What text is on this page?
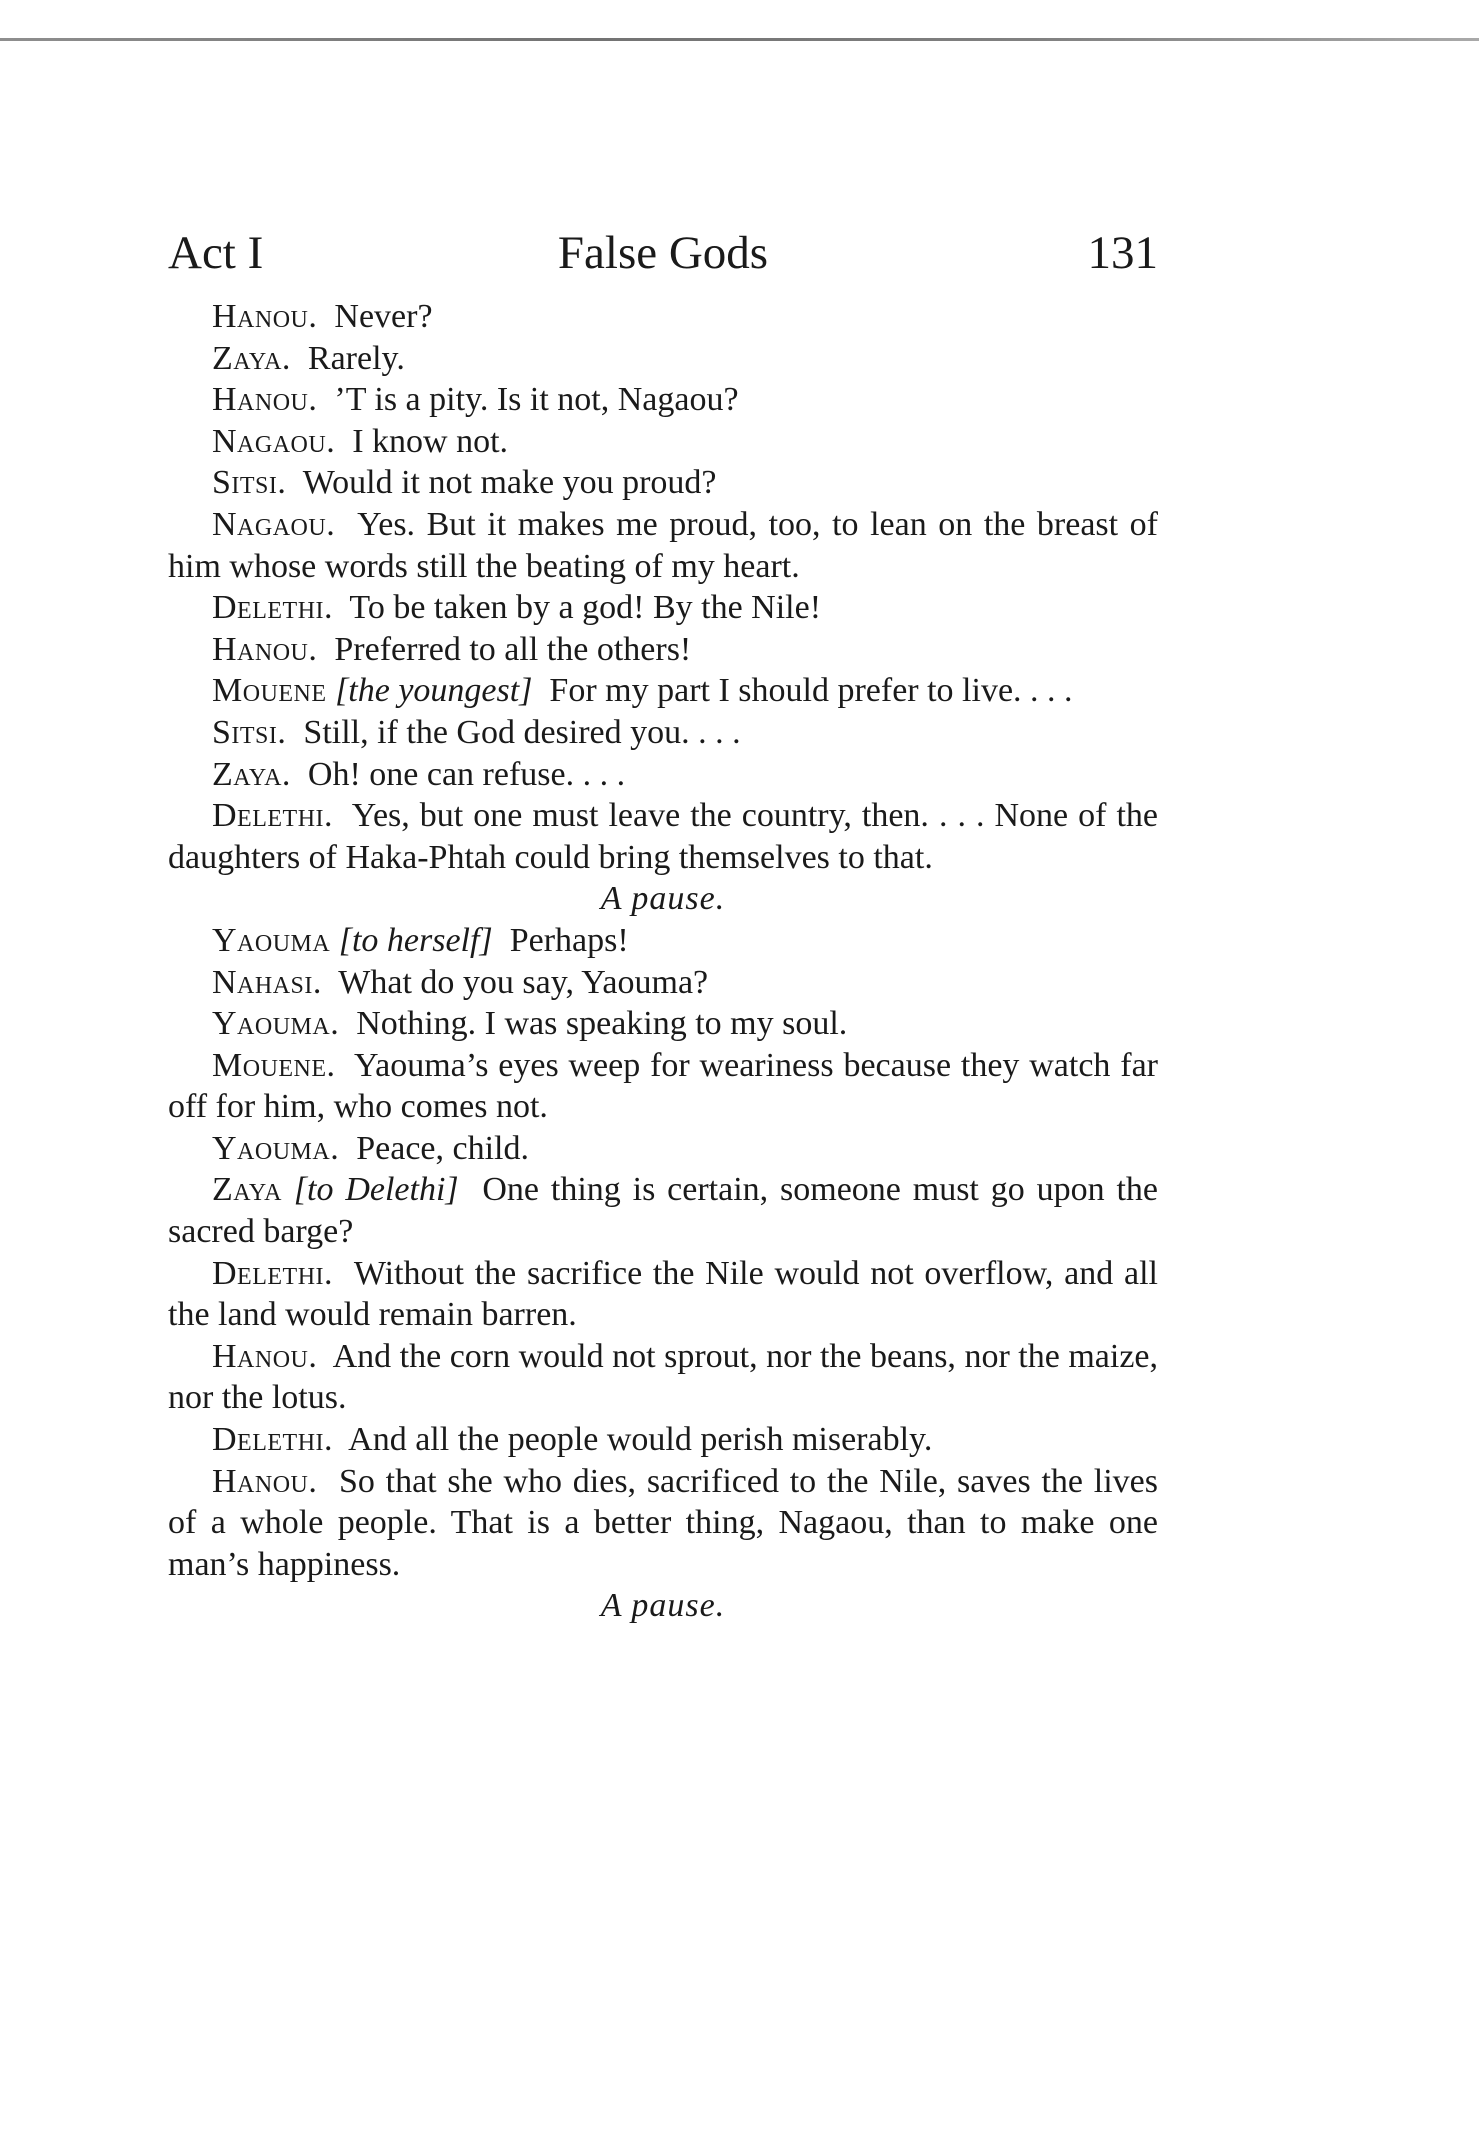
Act I	False Gods	131

Hanou. Never?

Zaya. Rarely.

Hanou. ’T is a pity. Is it not, Nagaou?

Nagaou. I know not.

Sitsi. Would it not make you proud?

Nagaou. Yes. But it makes me proud, too, to lean on the breast of him whose words still the beating of my heart.

Delethi. To be taken by a god! By the Nile!

Hanou. Preferred to all the others!

Mouene [the youngest] For my part I should prefer to live. . . .

Sitsi. Still, if the God desired you. . . .

Zaya. Oh! one can refuse. . . .

Delethi. Yes, but one must leave the country, then. . . . None of the daughters of Haka-Phtah could bring themselves to that.

A pause.

Yaouma [to herself] Perhaps!

Nahasi. What do you say, Yaouma?

Yaouma. Nothing. I was speaking to my soul.

Mouene. Yaouma’s eyes weep for weariness because they watch far off for him, who comes not.

Yaouma. Peace, child.

Zaya [to Delethi] One thing is certain, someone must go upon the sacred barge?

Delethi. Without the sacrifice the Nile would not overflow, and all the land would remain barren.

Hanou. And the corn would not sprout, nor the beans, nor the maize, nor the lotus.

Delethi. And all the people would perish miserably.

Hanou. So that she who dies, sacrificed to the Nile, saves the lives of a whole people. That is a better thing, Nagaou, than to make one man’s happiness.

A pause.
